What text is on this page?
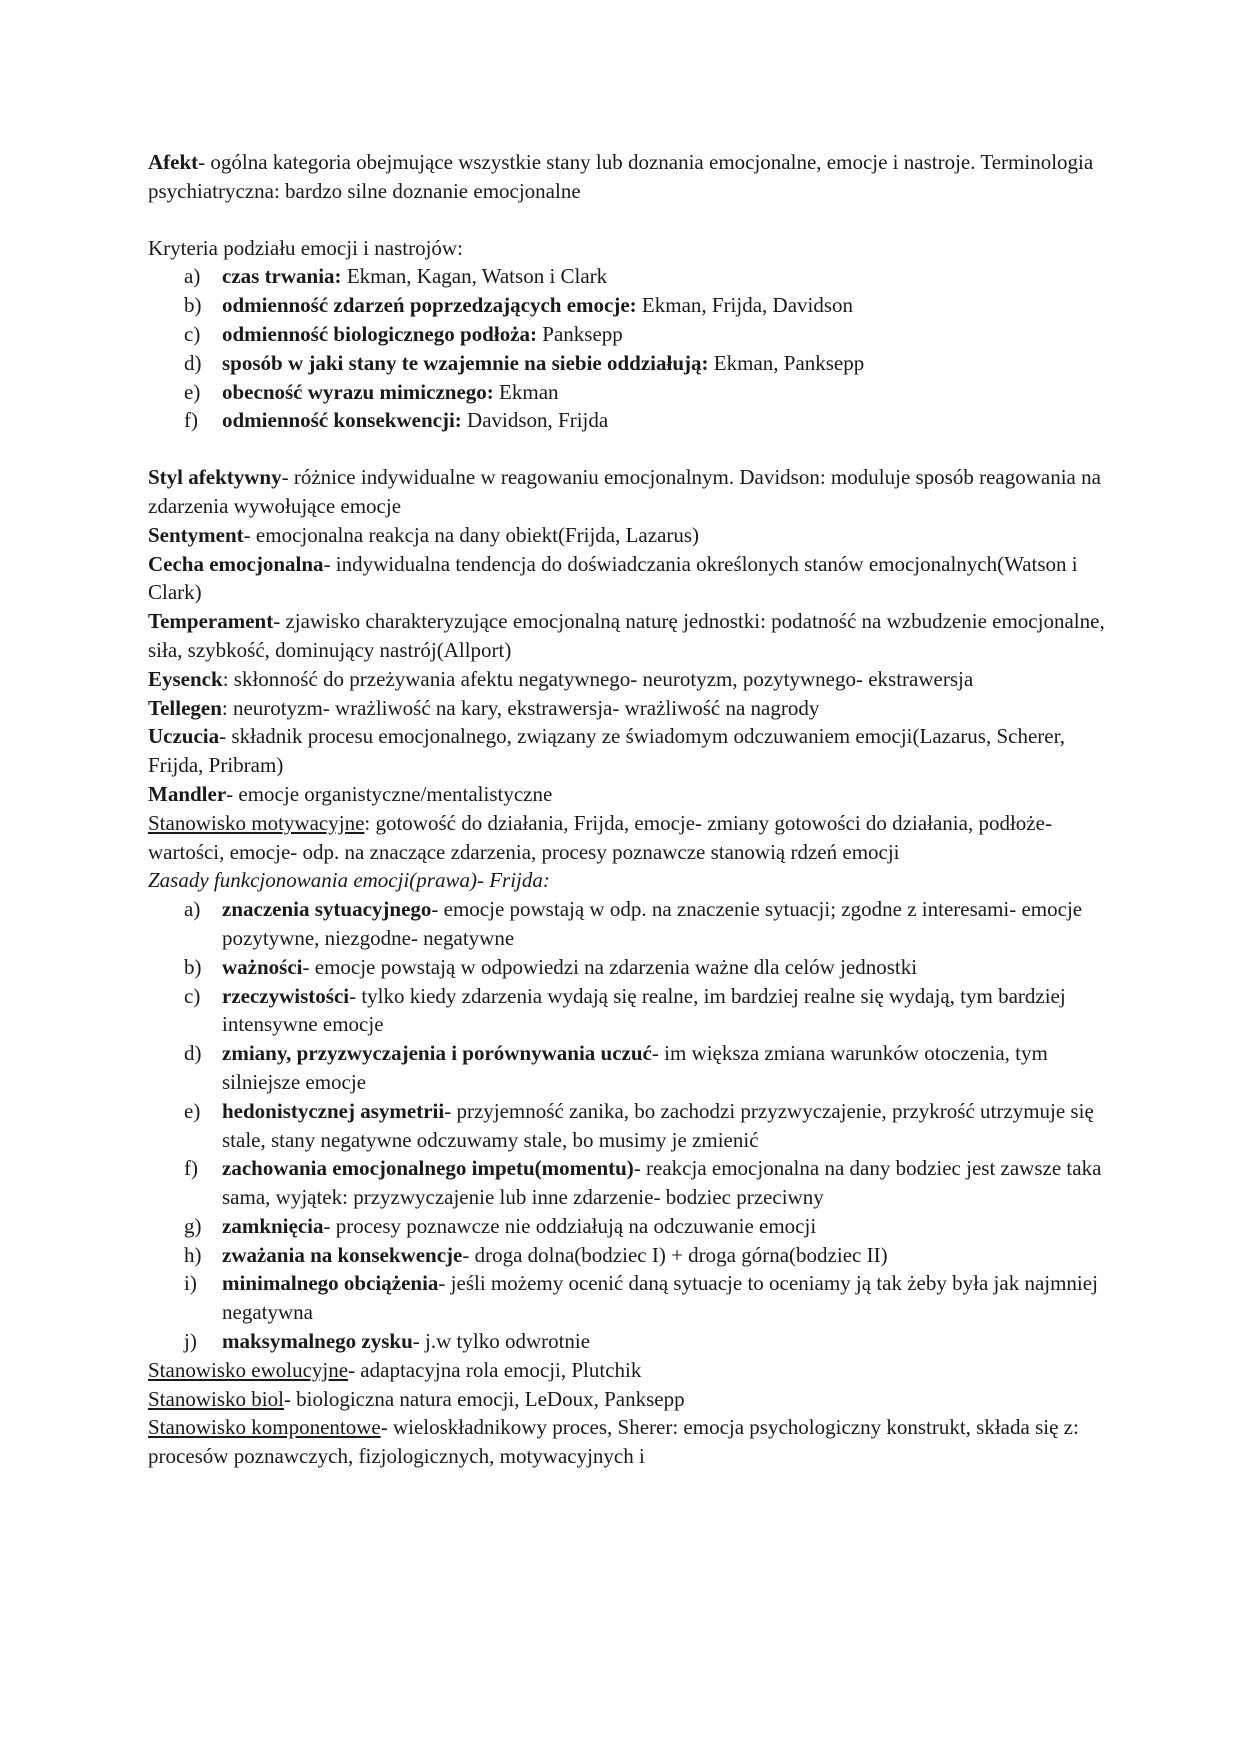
Afekt- ogólna kategoria obejmujące wszystkie stany lub doznania emocjonalne, emocje i nastroje. Terminologia psychiatryczna: bardzo silne doznanie emocjonalne

Kryteria podziału emocji i nastrojów:

a) czas trwania: Ekman, Kagan, Watson i Clark
b) odmienność zdarzeń poprzedzających emocje: Ekman, Frijda, Davidson
c) odmienność biologicznego podłoża: Panksepp
d) sposób w jaki stany te wzajemnie na siebie oddziałują: Ekman, Panksepp
e) obecność wyrazu mimicznego: Ekman
f) odmienność konsekwencji: Davidson, Frijda

Styl afektywny- różnice indywidualne w reagowaniu emocjonalnym. Davidson: moduluje sposób reagowania na zdarzenia wywołujące emocje

Sentyment- emocjonalna reakcja na dany obiekt(Frijda, Lazarus)

Cecha emocjonalna- indywidualna tendencja do doświadczania określonych stanów emocjonalnych(Watson i Clark)

Temperament- zjawisko charakteryzujące emocjonalną naturę jednostki: podatność na wzbudzenie emocjonalne, siła, szybkość, dominujący nastrój(Allport)

Eysenck: skłonność do przeżywania afektu negatywnego- neurotyzm, pozytywnego- ekstrawersja

Tellegen: neurotyzm- wrażliwość na kary, ekstrawersja- wrażliwość na nagrody

Uczucia- składnik procesu emocjonalnego, związany ze świadomym odczuwaniem emocji(Lazarus, Scherer, Frijda, Pribram)

Mandler- emocje organistyczne/mentalistyczne

Stanowisko motywacyjne: gotowość do działania, Frijda, emocje- zmiany gotowości do działania, podłoże-wartości, emocje- odp. na znaczące zdarzenia, procesy poznawcze stanowią rdzeń emocji

Zasady funkcjonowania emocji(prawa)- Frijda:

a) znaczenia sytuacyjnego- emocje powstają w odp. na znaczenie sytuacji; zgodne z interesami- emocje pozytywne, niezgodne- negatywne
b) ważności- emocje powstają w odpowiedzi na zdarzenia ważne dla celów jednostki
c) rzeczywistości- tylko kiedy zdarzenia wydają się realne, im bardziej realne się wydają, tym bardziej intensywne emocje
d) zmiany, przyzwyczajenia i porównywania uczuć- im większa zmiana warunków otoczenia, tym silniejsze emocje
e) hedonistycznej asymetrii- przyjemność zanika, bo zachodzi przyzwyczajenie, przykrość utrzymuje się stale, stany negatywne odczuwamy stale, bo musimy je zmienić
f) zachowania emocjonalnego impetu(momentu)- reakcja emocjonalna na dany bodziec jest zawsze taka sama, wyjątek: przyzwyczajenie lub inne zdarzenie- bodziec przeciwny
g) zamknięcia- procesy poznawcze nie oddziałują na odczuwanie emocji
h) zważania na konsekwencje- droga dolna(bodziec I) + droga górna(bodziec II)
i) minimalnego obciążenia- jeśli możemy ocenić daną sytuacje to oceniamy ją tak żeby była jak najmniej negatywna
j) maksymalnego zysku- j.w tylko odwrotnie

Stanowisko ewolucyjne- adaptacyjna rola emocji, Plutchik

Stanowisko biol- biologiczna natura emocji, LeDoux, Panksepp

Stanowisko komponentowe- wieloskładnikowy proces, Sherer: emocja psychologiczny konstrukt, składa się z: procesów poznawczych, fizjologicznych, motywacyjnych i
